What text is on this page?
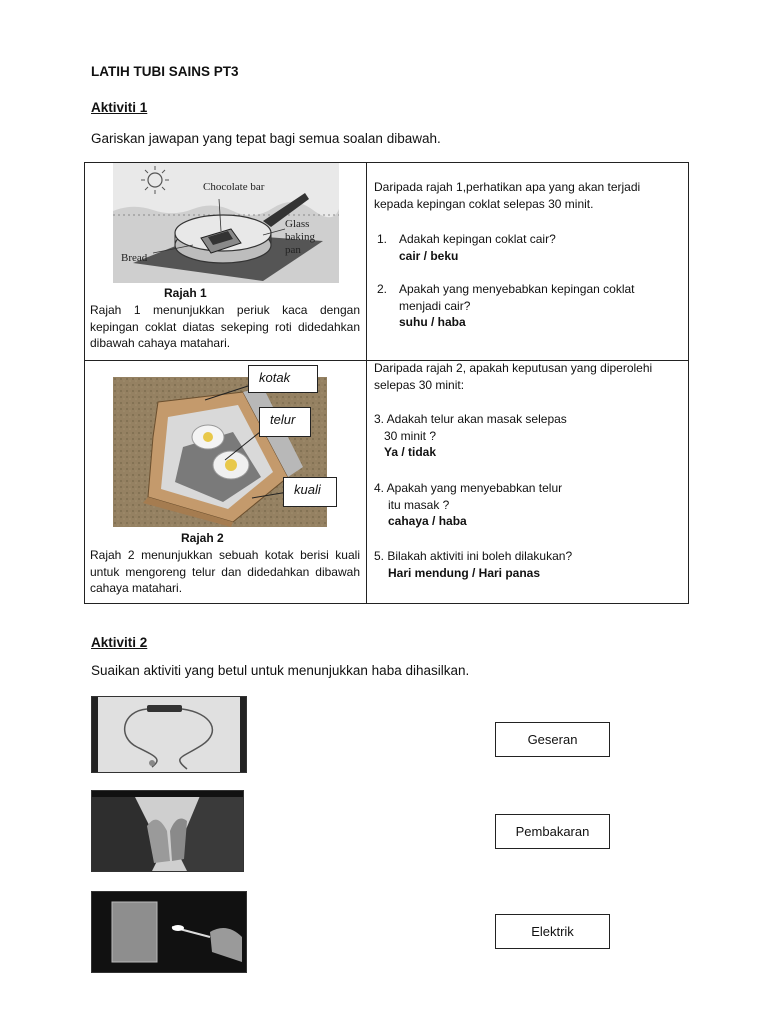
LATIH TUBI SAINS PT3
Aktiviti 1
Gariskan jawapan yang tepat bagi semua soalan dibawah.
Chocolate bar
Glass
baking
pan
Bread
Rajah 1
Rajah 1 menunjukkan periuk kaca dengan kepingan coklat diatas sekeping roti didedahkan dibawah cahaya matahari.
Daripada rajah 1,perhatikan apa yang akan terjadi kepada kepingan coklat selepas 30 minit.
1. Adakah kepingan coklat cair?
cair / beku
2. Apakah yang menyebabkan kepingan coklat menjadi cair?
suhu / haba
kotak
telur
kuali
Rajah 2
Rajah 2 menunjukkan sebuah kotak berisi kuali untuk mengoreng telur dan didedahkan dibawah cahaya matahari.
Daripada rajah 2, apakah keputusan yang diperolehi selepas 30 minit:
3. Adakah telur akan masak selepas
30 minit ?
Ya / tidak
4. Apakah yang menyebabkan telur
itu masak ?
cahaya / haba
5. Bilakah aktiviti ini boleh dilakukan?
Hari mendung / Hari panas
Aktiviti 2
Suaikan aktiviti yang betul untuk menunjukkan haba dihasilkan.
Geseran
Pembakaran
Elektrik
